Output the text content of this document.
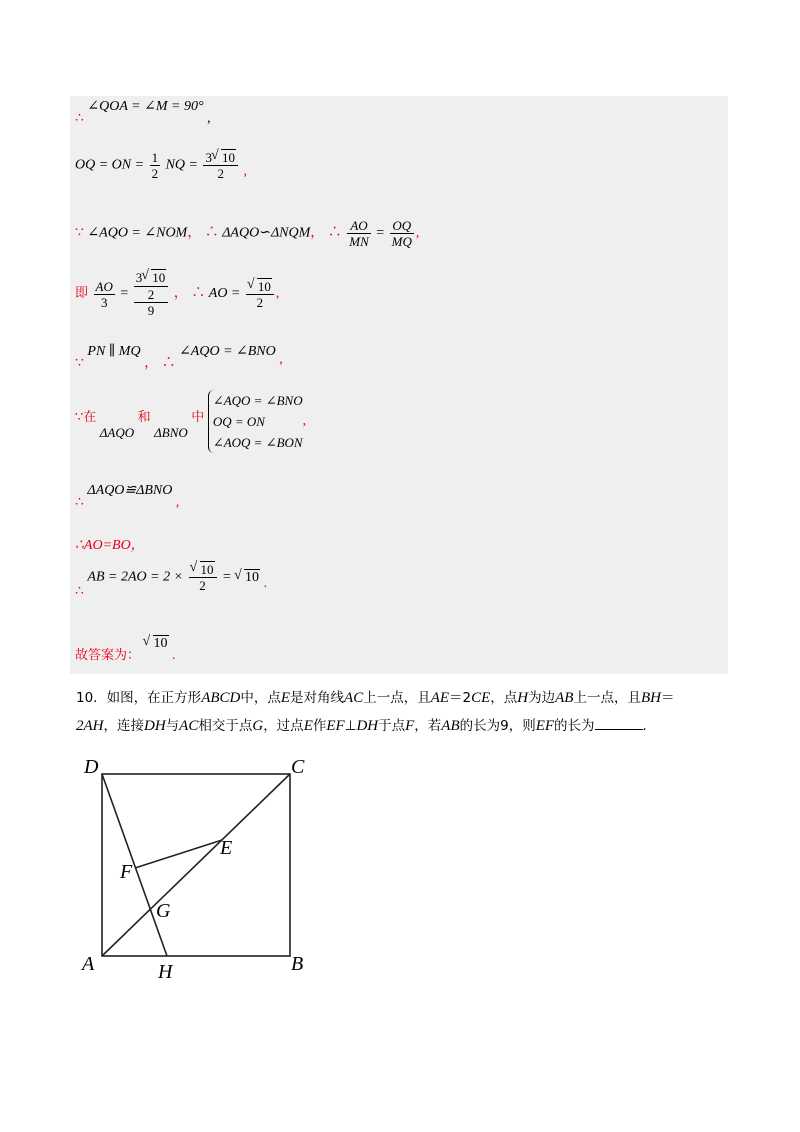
∴ ∠QOA = ∠M = 90° ,
OQ = ON = $\frac{1}{2}$ NQ = $\frac{3 √ 10}{2}$ ,
∵ ∠AQO = ∠NOM， ∴ ΔAQO∽ΔNQM， ∴ $\frac{AO}{MN} = \frac{OQ}{MQ}$ ,
即 $\frac{AO}{3}$ =
3 √ 10
2
9
， ∴ AO = √ $\frac{10}{2}$ ,
∵ PN ∥ MQ ， ∴ ∠AQO = ∠BNO ,
∵在 ΔAQO 和 ΔBNO 中
∠AQO = ∠BNO
OQ = ON
∠AOQ = ∠BON
,
∴ ΔAQO≌ΔBNO ,
∴AO=BO，
∴ AB = 2AO = 2 × √ $\frac{10}{2}$ = √ 10 .
故答案为： √ 10 .
10．如图，在正方形ABCD中，点E是对角线AC上一点，且AE＝2CE，点H为边AB上一点，且BH＝
2AH，连接DH与AC相交于点G，过点E作EF⊥DH于点F，若AB的长为9，则EF的长为	．
D	C
A	B
H
E
F
G
